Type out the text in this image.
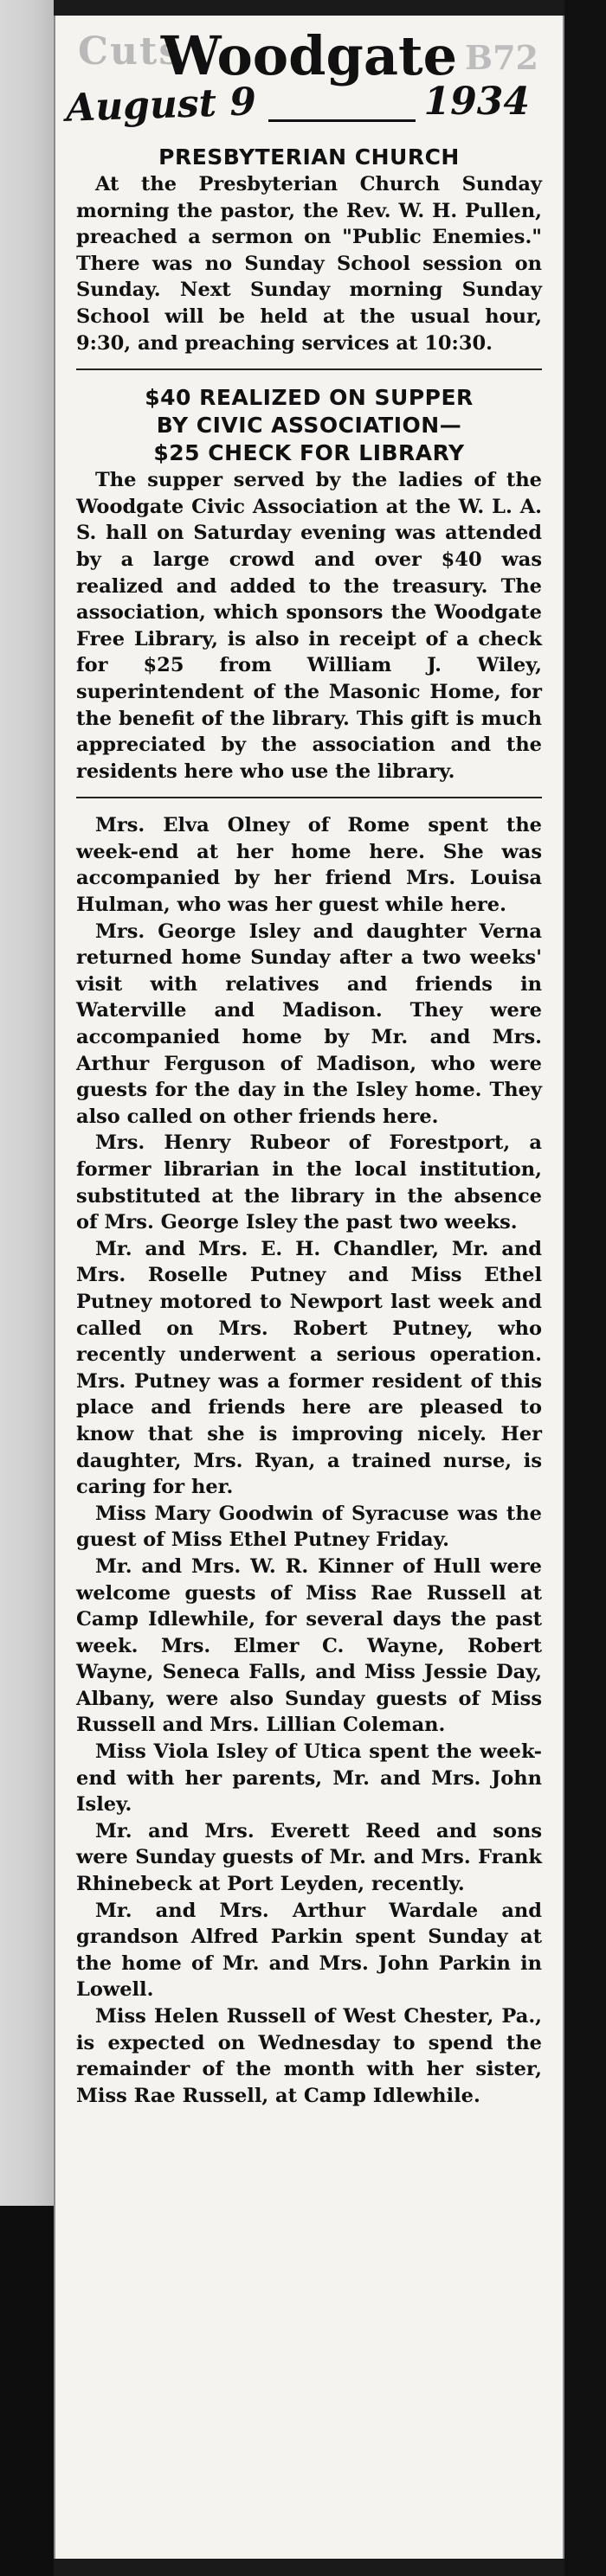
Cuts	B72
Woodgate
August 9	1934

PRESBYTERIAN CHURCH

At the Presbyterian Church Sunday morning the pastor, the Rev. W. H. Pullen, preached a sermon on "Public Enemies." There was no Sunday School session on Sunday. Next Sunday morning Sunday School will be held at the usual hour, 9:30, and preaching services at 10:30.

$40 REALIZED ON SUPPER

BY CIVIC ASSOCIATION—

$25 CHECK FOR LIBRARY

The supper served by the ladies of the Woodgate Civic Association at the W. L. A. S. hall on Saturday evening was attended by a large crowd and over $40 was realized and added to the treasury. The association, which sponsors the Woodgate Free Library, is also in receipt of a check for $25 from William J. Wiley, superintendent of the Masonic Home, for the benefit of the library. This gift is much appreciated by the association and the residents here who use the library.

Mrs. Elva Olney of Rome spent the week-end at her home here. She was accompanied by her friend Mrs. Louisa Hulman, who was her guest while here.

Mrs. George Isley and daughter Verna returned home Sunday after a two weeks' visit with relatives and friends in Waterville and Madison. They were accompanied home by Mr. and Mrs. Arthur Ferguson of Madison, who were guests for the day in the Isley home. They also called on other friends here.

Mrs. Henry Rubeor of Forestport, a former librarian in the local institution, substituted at the library in the absence of Mrs. George Isley the past two weeks.

Mr. and Mrs. E. H. Chandler, Mr. and Mrs. Roselle Putney and Miss Ethel Putney motored to Newport last week and called on Mrs. Robert Putney, who recently underwent a serious operation. Mrs. Putney was a former resident of this place and friends here are pleased to know that she is improving nicely. Her daughter, Mrs. Ryan, a trained nurse, is caring for her.

Miss Mary Goodwin of Syracuse was the guest of Miss Ethel Putney Friday.

Mr. and Mrs. W. R. Kinner of Hull were welcome guests of Miss Rae Russell at Camp Idlewhile, for several days the past week. Mrs. Elmer C. Wayne, Robert Wayne, Seneca Falls, and Miss Jessie Day, Albany, were also Sunday guests of Miss Russell and Mrs. Lillian Coleman.

Miss Viola Isley of Utica spent the week-end with her parents, Mr. and Mrs. John Isley.

Mr. and Mrs. Everett Reed and sons were Sunday guests of Mr. and Mrs. Frank Rhinebeck at Port Leyden, recently.

Mr. and Mrs. Arthur Wardale and grandson Alfred Parkin spent Sunday at the home of Mr. and Mrs. John Parkin in Lowell.

Miss Helen Russell of West Chester, Pa., is expected on Wednesday to spend the remainder of the month with her sister, Miss Rae Russell, at Camp Idlewhile.
